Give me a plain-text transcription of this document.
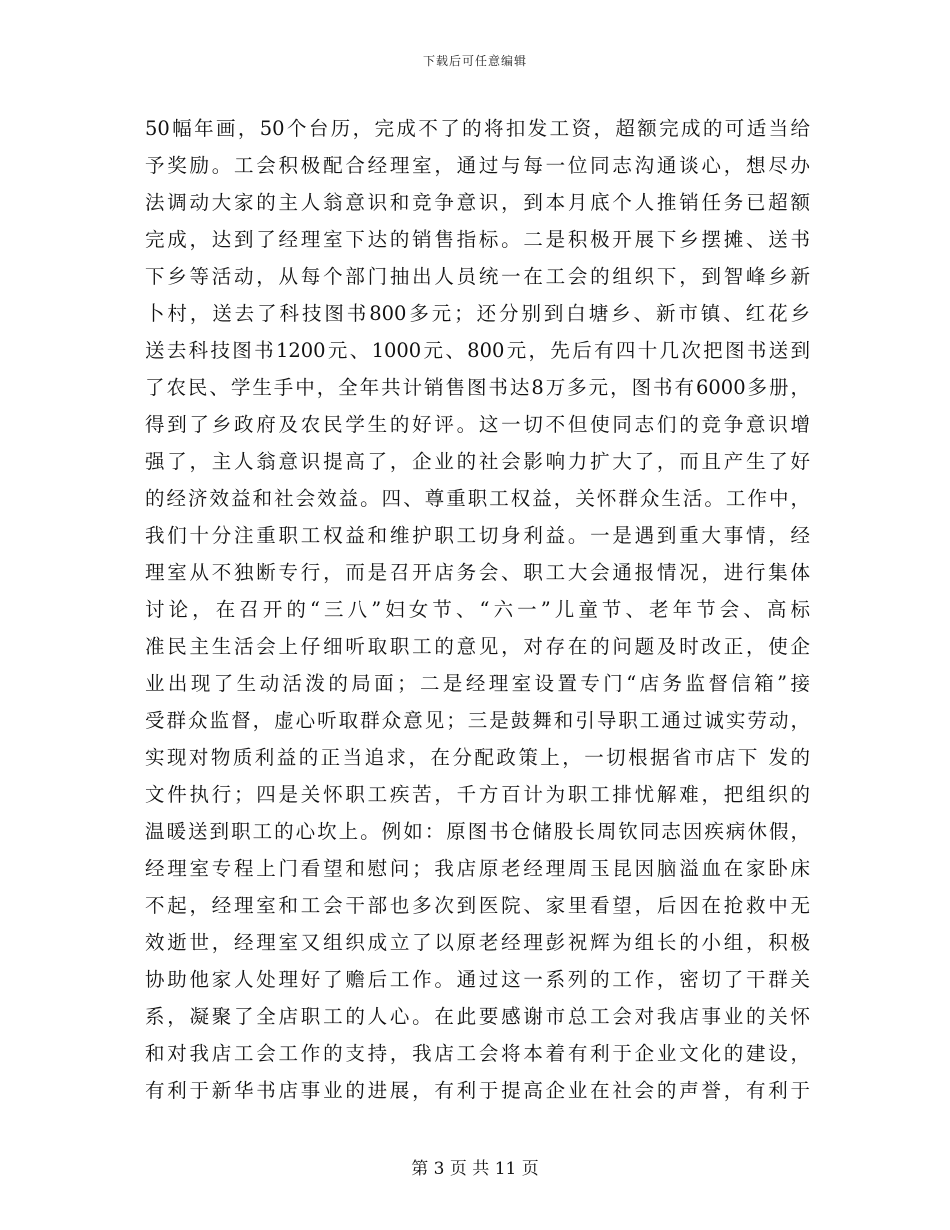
下载后可任意编辑
50幅年画，50个台历，完成不了的将扣发工资，超额完成的可适当给
予奖励。工会积极配合经理室，通过与每一位同志沟通谈心，想尽办
法调动大家的主人翁意识和竞争意识，到本月底个人推销任务已超额
完成，达到了经理室下达的销售指标。二是积极开展下乡摆摊、送书
下乡等活动，从每个部门抽出人员统一在工会的组织下，到智峰乡新
卜村，送去了科技图书800多元；还分别到白塘乡、新市镇、红花乡
送去科技图书1200元、1000元、800元，先后有四十几次把图书送到
了农民、学生手中，全年共计销售图书达8万多元，图书有6000多册，
得到了乡政府及农民学生的好评。这一切不但使同志们的竞争意识增
强了，主人翁意识提高了，企业的社会影响力扩大了，而且产生了好
的经济效益和社会效益。四、尊重职工权益，关怀群众生活。工作中，
我们十分注重职工权益和维护职工切身利益。一是遇到重大事情，经
理室从不独断专行，而是召开店务会、职工大会通报情况，进行集体
讨论，在召开的“三八”妇女节、“六一”儿童节、老年节会、高标
准民主生活会上仔细听取职工的意见，对存在的问题及时改正，使企
业出现了生动活泼的局面；二是经理室设置专门“店务监督信箱”接
受群众监督，虚心听取群众意见；三是鼓舞和引导职工通过诚实劳动，
实现对物质利益的正当追求，在分配政策上，一切根据省市店下 发的
文件执行；四是关怀职工疾苦，千方百计为职工排忧解难，把组织的
温暖送到职工的心坎上。例如：原图书仓储股长周钦同志因疾病休假，
经理室专程上门看望和慰问；我店原老经理周玉昆因脑溢血在家卧床
不起，经理室和工会干部也多次到医院、家里看望，后因在抢救中无
效逝世，经理室又组织成立了以原老经理彭祝辉为组长的小组，积极
协助他家人处理好了赡后工作。通过这一系列的工作，密切了干群关
系，凝聚了全店职工的人心。在此要感谢市总工会对我店事业的关怀
和对我店工会工作的支持，我店工会将本着有利于企业文化的建设，
有利于新华书店事业的进展，有利于提高企业在社会的声誉，有利于
第 3 页 共 11 页
